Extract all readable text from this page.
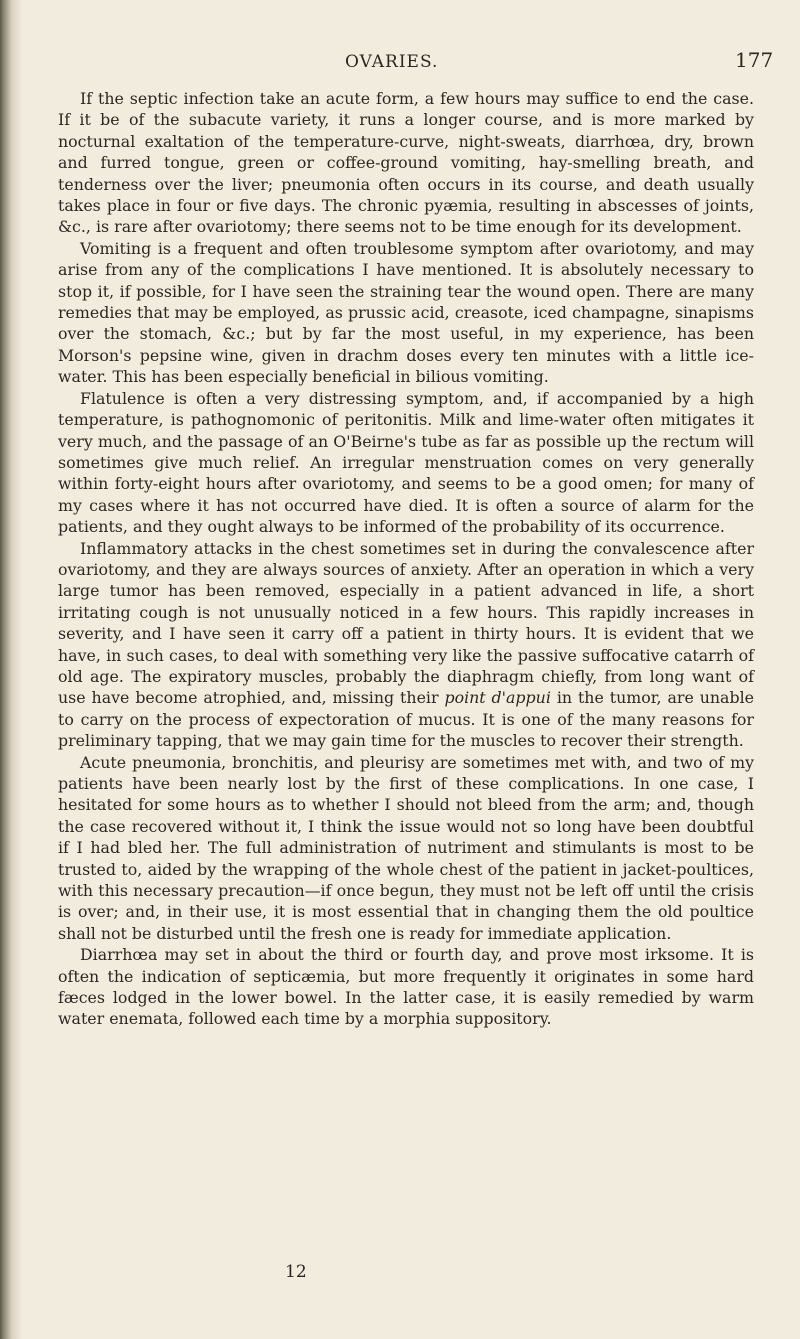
OVARIES.	177

If the septic infection take an acute form, a few hours may suffice to end the case. If it be of the subacute variety, it runs a longer course, and is more marked by nocturnal exaltation of the temperature-curve, night-sweats, diarrhœa, dry, brown and furred tongue, green or coffee-ground vomiting, hay-smelling breath, and tenderness over the liver; pneumonia often occurs in its course, and death usually takes place in four or five days. The chronic pyæmia, resulting in abscesses of joints, &c., is rare after ovariotomy; there seems not to be time enough for its development.

Vomiting is a frequent and often troublesome symptom after ovariotomy, and may arise from any of the complications I have mentioned. It is absolutely necessary to stop it, if possible, for I have seen the straining tear the wound open. There are many remedies that may be employed, as prussic acid, creasote, iced champagne, sinapisms over the stomach, &c.; but by far the most useful, in my experience, has been Morson's pepsine wine, given in drachm doses every ten minutes with a little ice-water. This has been especially beneficial in bilious vomiting.

Flatulence is often a very distressing symptom, and, if accompanied by a high temperature, is pathognomonic of peritonitis. Milk and lime-water often mitigates it very much, and the passage of an O'Beirne's tube as far as possible up the rectum will sometimes give much relief. An irregular menstruation comes on very generally within forty-eight hours after ovariotomy, and seems to be a good omen; for many of my cases where it has not occurred have died. It is often a source of alarm for the patients, and they ought always to be informed of the probability of its occurrence.

Inflammatory attacks in the chest sometimes set in during the convalescence after ovariotomy, and they are always sources of anxiety. After an operation in which a very large tumor has been removed, especially in a patient advanced in life, a short irritating cough is not unusually noticed in a few hours. This rapidly increases in severity, and I have seen it carry off a patient in thirty hours. It is evident that we have, in such cases, to deal with something very like the passive suffocative catarrh of old age. The expiratory muscles, probably the diaphragm chiefly, from long want of use have become atrophied, and, missing their point d'appui in the tumor, are unable to carry on the process of expectoration of mucus. It is one of the many reasons for preliminary tapping, that we may gain time for the muscles to recover their strength.

Acute pneumonia, bronchitis, and pleurisy are sometimes met with, and two of my patients have been nearly lost by the first of these complications. In one case, I hesitated for some hours as to whether I should not bleed from the arm; and, though the case recovered without it, I think the issue would not so long have been doubtful if I had bled her. The full administration of nutriment and stimulants is most to be trusted to, aided by the wrapping of the whole chest of the patient in jacket-poultices, with this necessary precaution—if once begun, they must not be left off until the crisis is over; and, in their use, it is most essential that in changing them the old poultice shall not be disturbed until the fresh one is ready for immediate application.

Diarrhœa may set in about the third or fourth day, and prove most irksome. It is often the indication of septicæmia, but more frequently it originates in some hard fæces lodged in the lower bowel. In the latter case, it is easily remedied by warm water enemata, followed each time by a morphia suppository.

12
